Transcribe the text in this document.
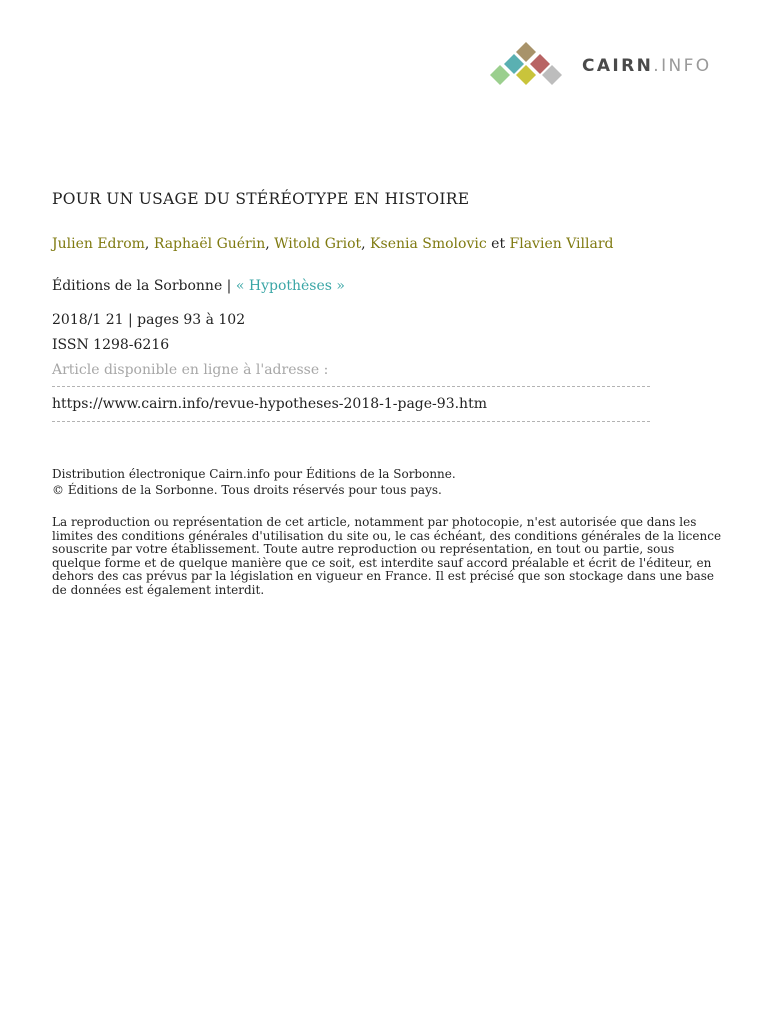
CAIRN.INFO
POUR UN USAGE DU STÉRÉOTYPE EN HISTOIRE
Julien Edrom, Raphaël Guérin, Witold Griot, Ksenia Smolovic et Flavien Villard
Éditions de la Sorbonne | « Hypothèses »
2018/1 21 | pages 93 à 102
ISSN 1298-6216
Article disponible en ligne à l'adresse :
https://www.cairn.info/revue-hypotheses-2018-1-page-93.htm
Distribution électronique Cairn.info pour Éditions de la Sorbonne.
© Éditions de la Sorbonne. Tous droits réservés pour tous pays.
La reproduction ou représentation de cet article, notamment par photocopie, n'est autorisée que dans les limites des conditions générales d'utilisation du site ou, le cas échéant, des conditions générales de la licence souscrite par votre établissement. Toute autre reproduction ou représentation, en tout ou partie, sous quelque forme et de quelque manière que ce soit, est interdite sauf accord préalable et écrit de l'éditeur, en dehors des cas prévus par la législation en vigueur en France. Il est précisé que son stockage dans une base de données est également interdit.
